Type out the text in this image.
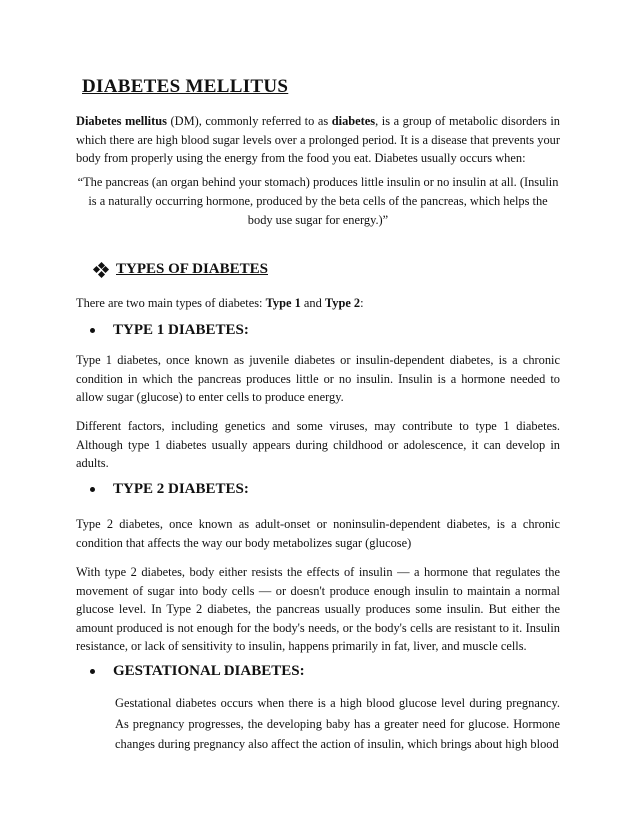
DIABETES MELLITUS

Diabetes mellitus (DM), commonly referred to as diabetes, is a group of metabolic disorders in which there are high blood sugar levels over a prolonged period. It is a disease that prevents your body from properly using the energy from the food you eat. Diabetes usually occurs when:

“The pancreas (an organ behind your stomach) produces little insulin or no insulin at all. (Insulin is a naturally occurring hormone, produced by the beta cells of the pancreas, which helps the body use sugar for energy.)”

TYPES OF DIABETES

There are two main types of diabetes: Type 1 and Type 2:

TYPE 1 DIABETES:

Type 1 diabetes, once known as juvenile diabetes or insulin-dependent diabetes, is a chronic condition in which the pancreas produces little or no insulin. Insulin is a hormone needed to allow sugar (glucose) to enter cells to produce energy.

Different factors, including genetics and some viruses, may contribute to type 1 diabetes. Although type 1 diabetes usually appears during childhood or adolescence, it can develop in adults.

TYPE 2 DIABETES:

Type 2 diabetes, once known as adult-onset or noninsulin-dependent diabetes, is a chronic condition that affects the way our body metabolizes sugar (glucose)

With type 2 diabetes, body either resists the effects of insulin — a hormone that regulates the movement of sugar into body cells — or doesn't produce enough insulin to maintain a normal glucose level. In Type 2 diabetes, the pancreas usually produces some insulin. But either the amount produced is not enough for the body's needs, or the body's cells are resistant to it. Insulin resistance, or lack of sensitivity to insulin, happens primarily in fat, liver, and muscle cells.

GESTATIONAL DIABETES:

Gestational diabetes occurs when there is a high blood glucose level during pregnancy. As pregnancy progresses, the developing baby has a greater need for glucose. Hormone changes during pregnancy also affect the action of insulin, which brings about high blood
